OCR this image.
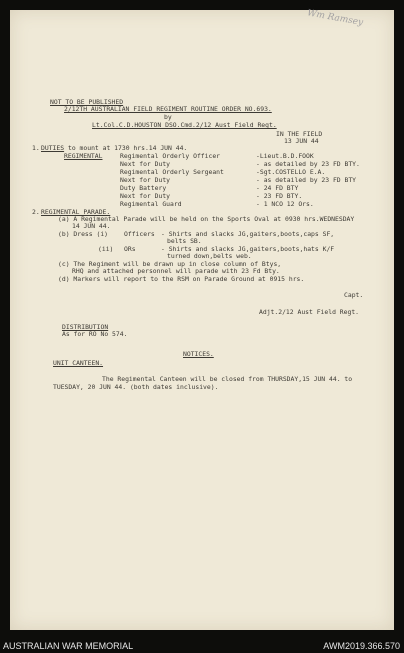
Wm Ramsey
NOT TO BE PUBLISHED
2/12TH AUSTRALIAN FIELD REGIMENT ROUTINE ORDER NO.693.
by
Lt.Col.C.D.HOUSTON DSO.Cmd.2/12 Aust Field Regt.
IN THE FIELD
13 JUN 44
1. DUTIES to mount at 1730 hrs.14 JUN 44.
REGIMENTAL	Regimental Orderly Officer	-Lieut.B.D.FOOK
Next for Duty	- as detailed by 23 FD BTY.
Regimental Orderly Sergeant	-Sgt.COSTELLO E.A.
Next for Duty	- as detailed by 23 FD BTY
Duty Battery	- 24 FD BTY
Next for Duty	- 23 FD BTY.
Regimental Guard	- 1 NCO 12 Ors.
2. REGIMENTAL PARADE.
(a) A Regimental Parade will be held on the Sports Oval at 0930 hrs.WEDNESDAY
14 JUN 44.
(b) Dress (i) Officers - Shirts and slacks JG,gaiters,boots,caps SF,
belts SB.
(ii) ORs	- Shirts and slacks JG,gaiters,boots,hats K/F
turned down,belts web.
(c) The Regiment will be drawn up in close column of Btys,
RHQ and attached personnel will parade with 23 Fd Bty.
(d) Markers will report to the RSM on Parade Ground at 0915 hrs.
Capt.
Adjt.2/12 Aust Field Regt.
DISTRIBUTION
As for RO No 574.
NOTICES.
UNIT CANTEEN.
The Regimental Canteen will be closed from THURSDAY,15 JUN 44. to
TUESDAY, 20 JUN 44. (both dates inclusive).
AUSTRALIAN WAR MEMORIAL	AWM2019.366.570
